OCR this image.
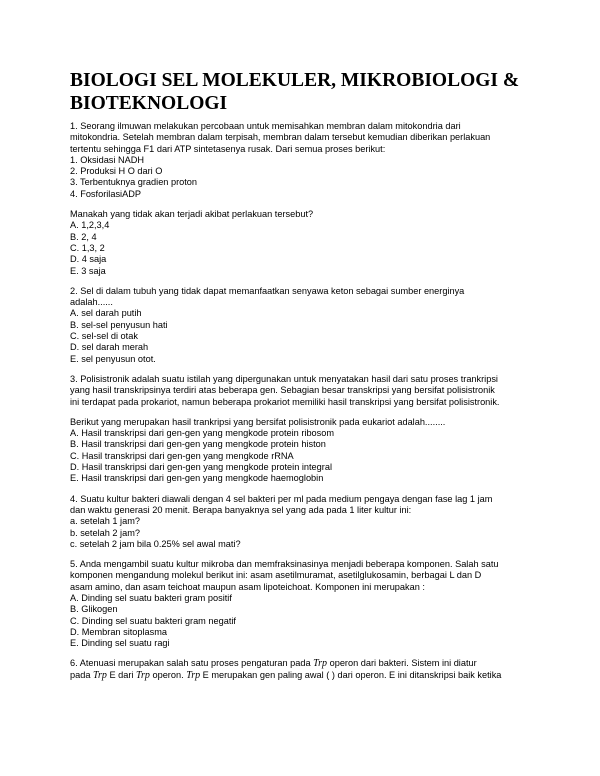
BIOLOGI SEL MOLEKULER, MIKROBIOLOGI &
BIOTEKNOLOGI
1. Seorang ilmuwan melakukan percobaan untuk memisahkan membran dalam mitokondria dari
mitokondria. Setelah membran dalam terpisah, membran dalam tersebut kemudian diberikan perlakuan
tertentu sehingga F1 dari ATP sintetasenya rusak. Dari semua proses berikut:
1. Oksidasi NADH
2. Produksi H O dari O
3. Terbentuknya gradien proton
4. FosforilasiADP
Manakah yang tidak akan terjadi akibat perlakuan tersebut?
A. 1,2,3,4
B. 2, 4
C. 1,3, 2
D. 4 saja
E. 3 saja
2. Sel di dalam tubuh yang tidak dapat memanfaatkan senyawa keton sebagai sumber energinya
adalah......
A. sel darah putih
B. sel-sel penyusun hati
C. sel-sel di otak
D. sel darah merah
E. sel penyusun otot.
3. Polisistronik adalah suatu istilah yang dipergunakan untuk menyatakan hasil dari satu proses trankripsi
yang hasil transkripsinya terdiri atas beberapa gen. Sebagian besar transkripsi yang bersifat polisistronik
ini terdapat pada prokariot, namun beberapa prokariot memiliki hasil transkripsi yang bersifat polisistronik.
Berikut yang merupakan hasil trankripsi yang bersifat polisistronik pada eukariot adalah........
A. Hasil transkripsi dari gen-gen yang mengkode protein ribosom
B. Hasil transkripsi dari gen-gen yang mengkode protein histon
C. Hasil transkripsi dari gen-gen yang mengkode rRNA
D. Hasil transkripsi dari gen-gen yang mengkode protein integral
E. Hasil transkripsi dari gen-gen yang mengkode haemoglobin
4. Suatu kultur bakteri diawali dengan 4 sel bakteri per ml pada medium pengaya dengan fase lag 1 jam
dan waktu generasi 20 menit. Berapa banyaknya sel yang ada pada 1 liter kultur ini:
a. setelah 1 jam?
b. setelah 2 jam?
c. setelah 2 jam bila 0.25% sel awal mati?
5. Anda mengambil suatu kultur mikroba dan memfraksinasinya menjadi beberapa komponen. Salah satu
komponen mengandung molekul berikut ini: asam asetilmuramat, asetilglukosamin, berbagai L dan D
asam amino, dan asam teichoat maupun asam lipoteichoat. Komponen ini merupakan :
A. Dinding sel suatu bakteri gram positif
B. Glikogen
C. Dinding sel suatu bakteri gram negatif
D. Membran sitoplasma
E. Dinding sel suatu ragi
6. Atenuasi merupakan salah satu proses pengaturan pada Trp operon dari bakteri. Sistem ini diatur
pada Trp E dari Trp operon. Trp E merupakan gen paling awal ( ) dari operon. E ini ditanskripsi baik ketika
